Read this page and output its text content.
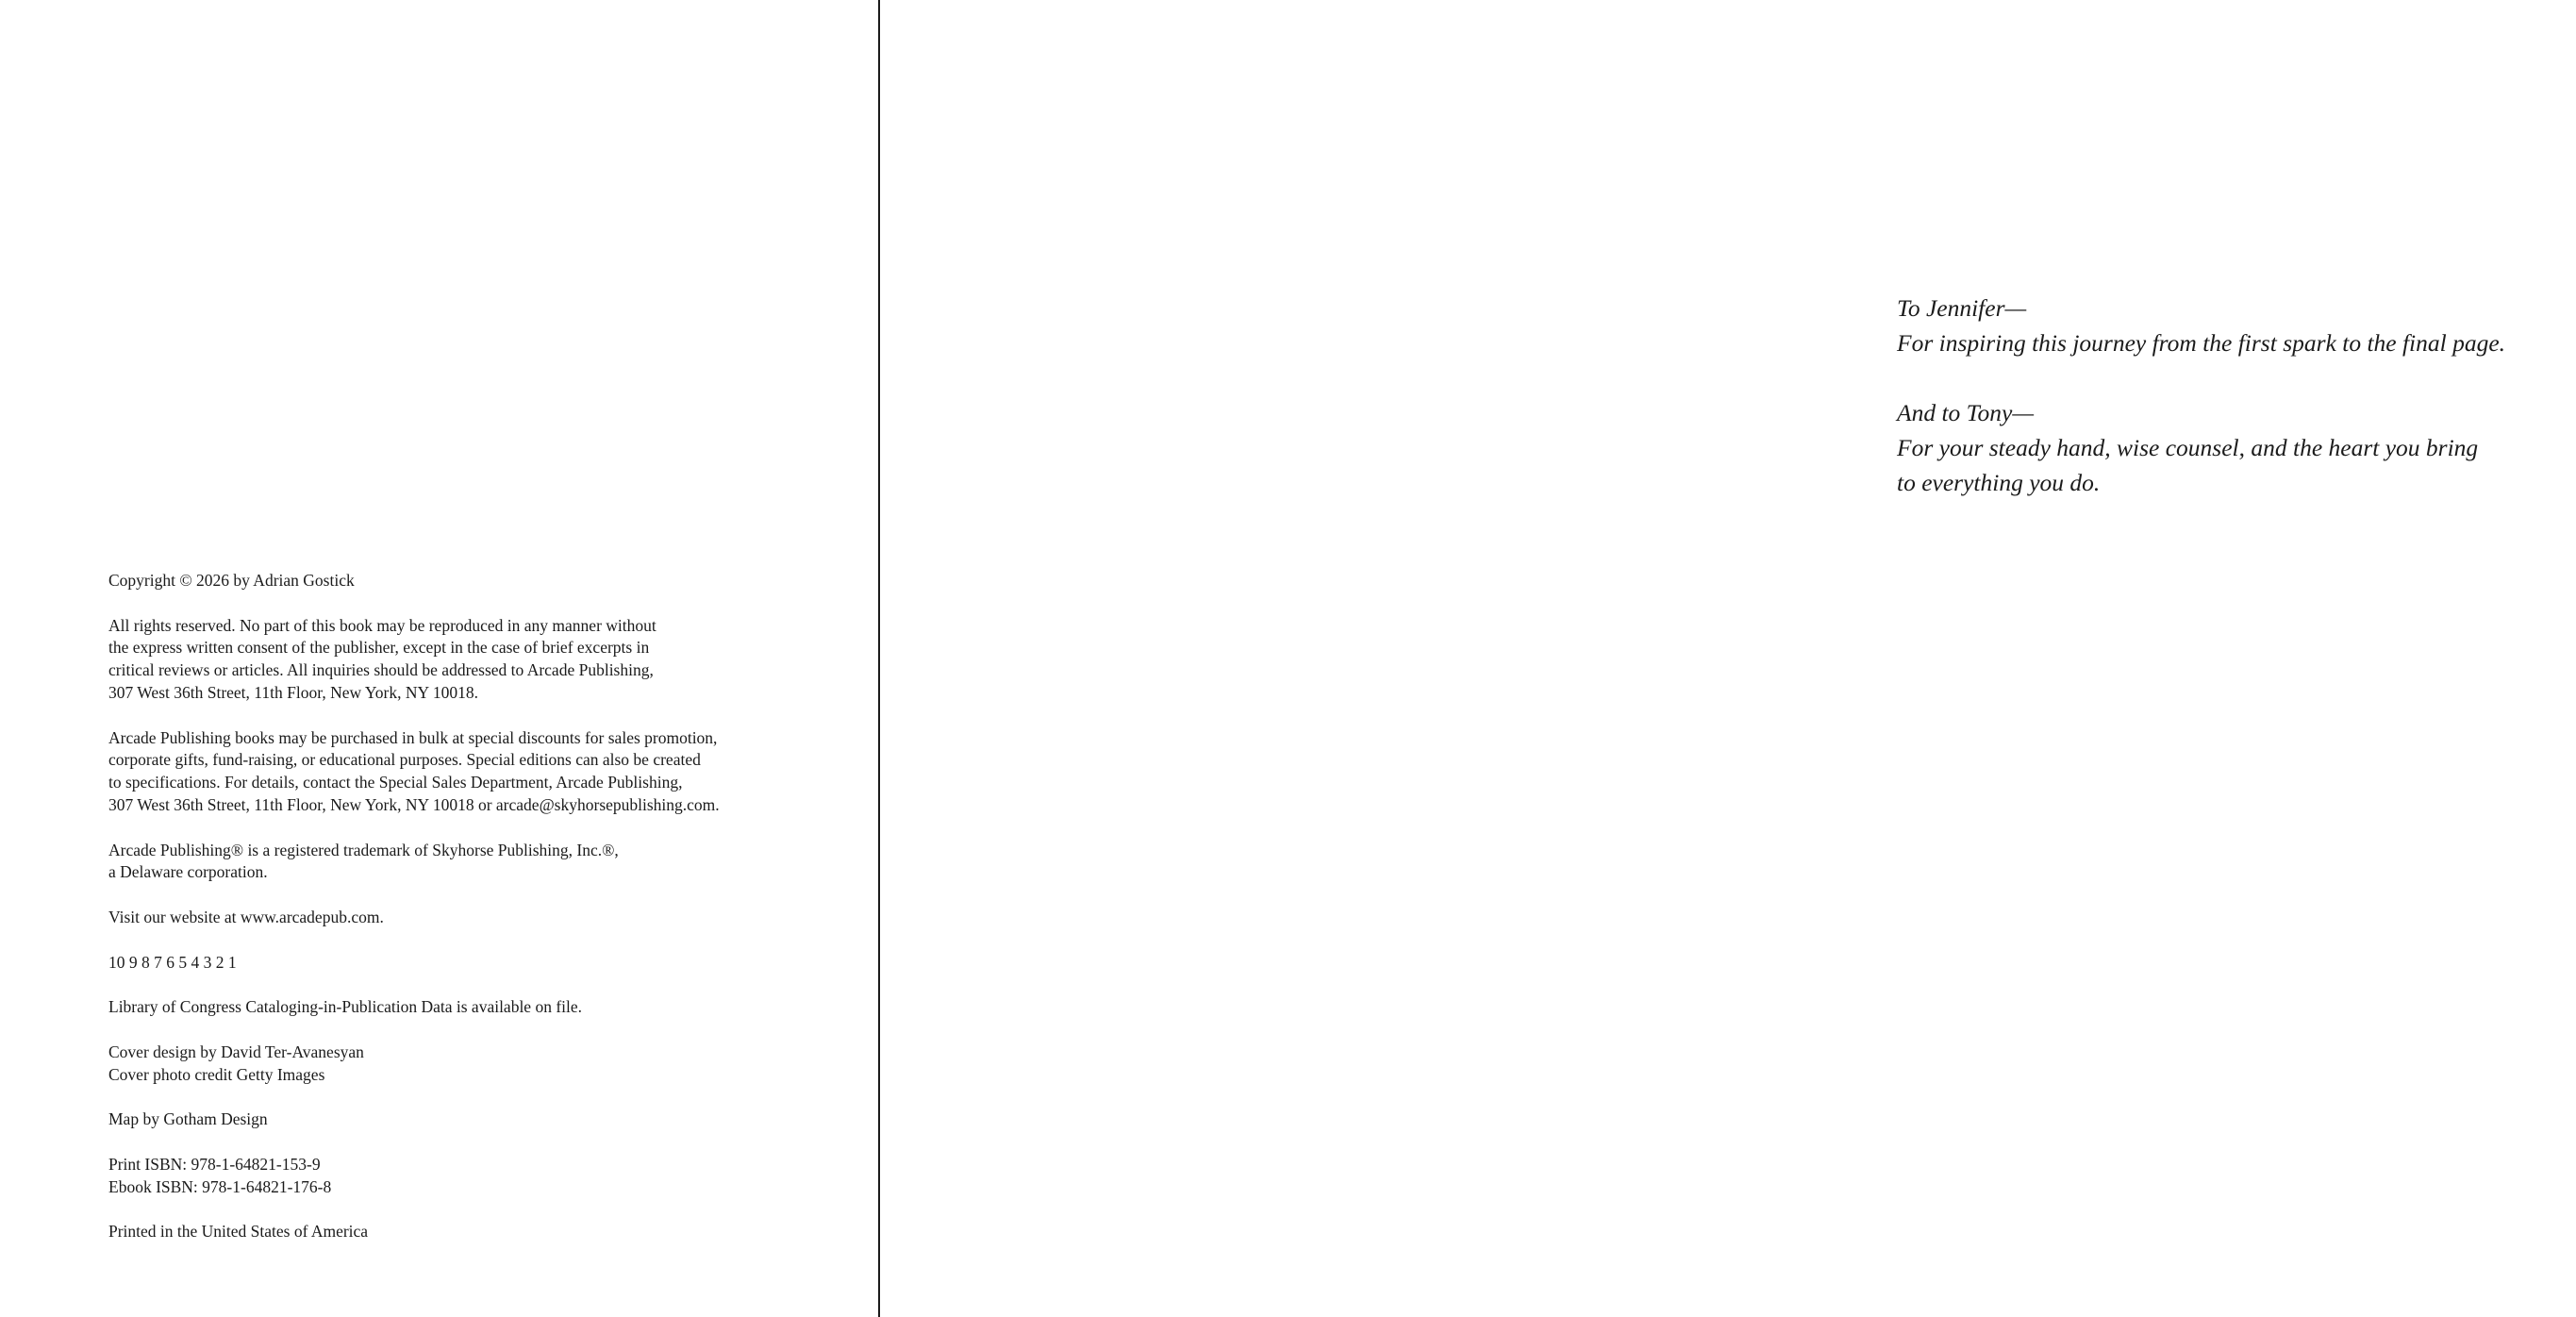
Copyright © 2026 by Adrian Gostick

All rights reserved. No part of this book may be reproduced in any manner without
the express written consent of the publisher, except in the case of brief excerpts in
critical reviews or articles. All inquiries should be addressed to Arcade Publishing,
307 West 36th Street, 11th Floor, New York, NY 10018.

Arcade Publishing books may be purchased in bulk at special discounts for sales promotion,
corporate gifts, fund-raising, or educational purposes. Special editions can also be created
to specifications. For details, contact the Special Sales Department, Arcade Publishing,
307 West 36th Street, 11th Floor, New York, NY 10018 or arcade@skyhorsepublishing.com.

Arcade Publishing® is a registered trademark of Skyhorse Publishing, Inc.®,
a Delaware corporation.

Visit our website at www.arcadepub.com.

10 9 8 7 6 5 4 3 2 1

Library of Congress Cataloging-in-Publication Data is available on file.

Cover design by David Ter-Avanesyan
Cover photo credit Getty Images

Map by Gotham Design

Print ISBN: 978-1-64821-153-9
Ebook ISBN: 978-1-64821-176-8

Printed in the United States of America

To Jennifer—
For inspiring this journey from the first spark to the final page.

And to Tony—
For your steady hand, wise counsel, and the heart you bring
to everything you do.
